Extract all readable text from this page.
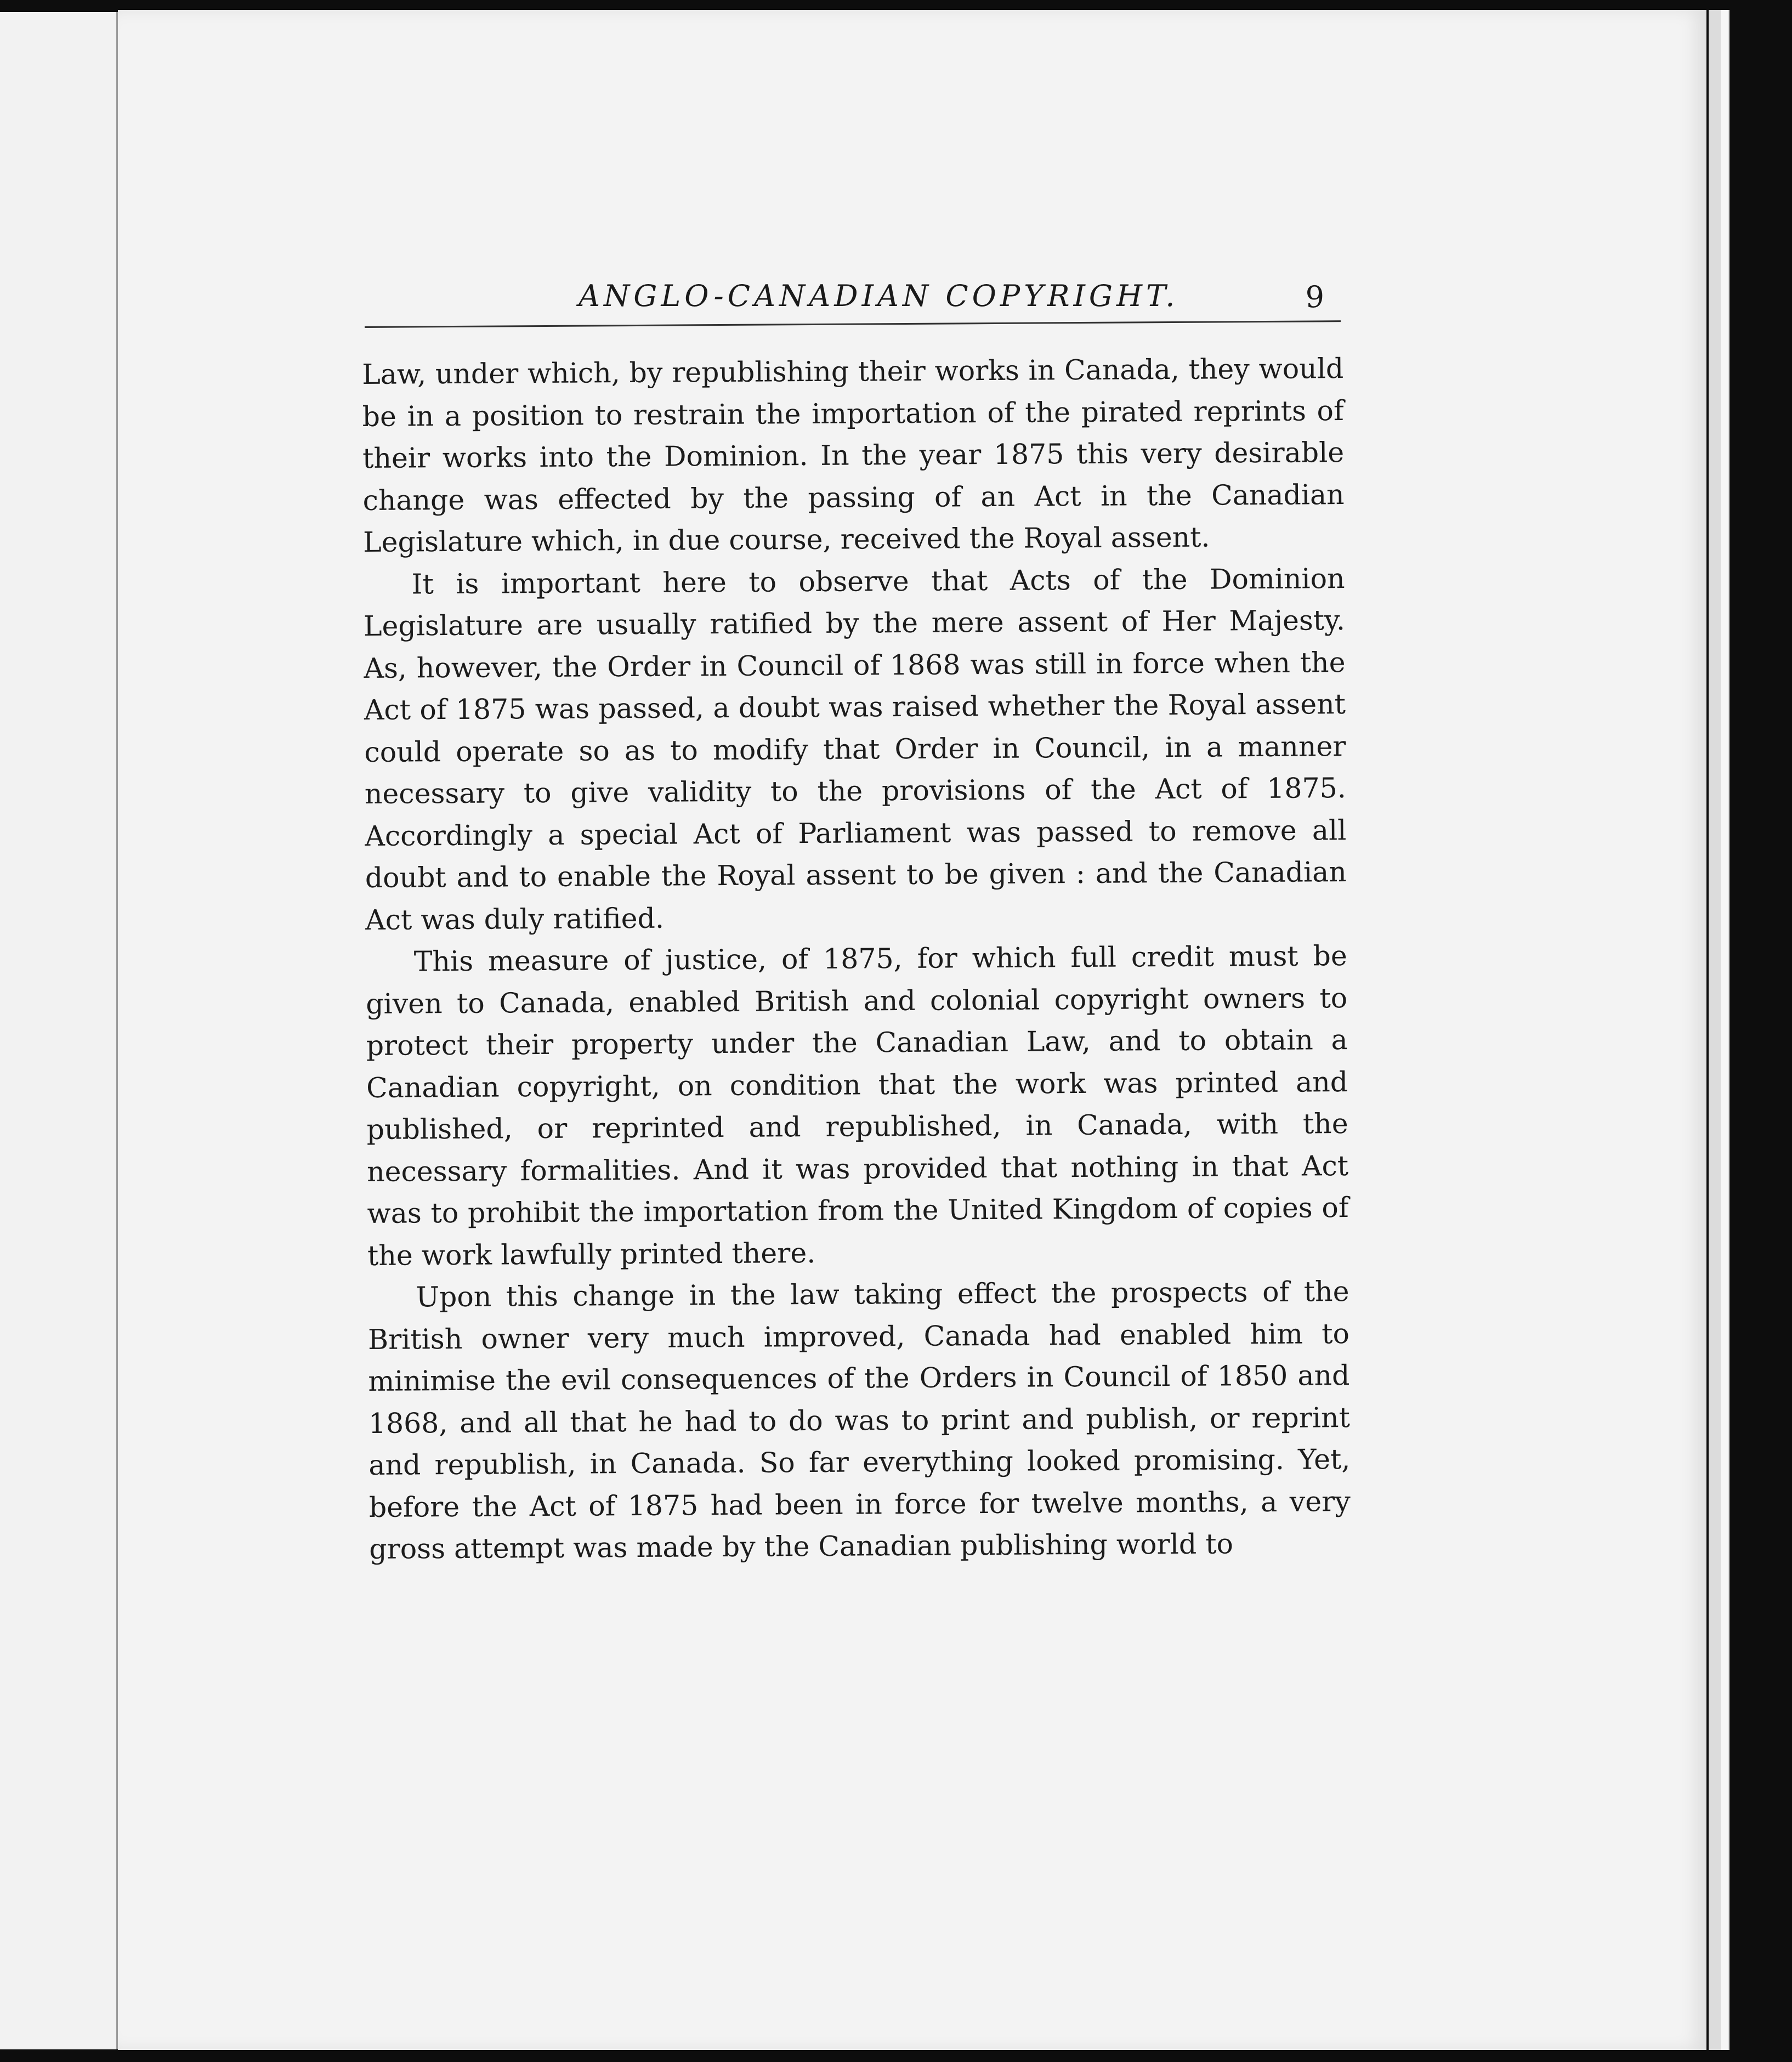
ANGLO-CANADIAN COPYRIGHT.	9

Law, under which, by republishing their works in Canada, they would be in a position to restrain the importation of the pirated reprints of their works into the Dominion. In the year 1875 this very desirable change was effected by the passing of an Act in the Canadian Legislature which, in due course, received the Royal assent.

It is important here to observe that Acts of the Dominion Legislature are usually ratified by the mere assent of Her Majesty. As, however, the Order in Council of 1868 was still in force when the Act of 1875 was passed, a doubt was raised whether the Royal assent could operate so as to modify that Order in Council, in a manner necessary to give validity to the provisions of the Act of 1875. Accordingly a special Act of Parliament was passed to remove all doubt and to enable the Royal assent to be given : and the Canadian Act was duly ratified.

This measure of justice, of 1875, for which full credit must be given to Canada, enabled British and colonial copyright owners to protect their property under the Canadian Law, and to obtain a Canadian copyright, on condition that the work was printed and published, or reprinted and republished, in Canada, with the necessary formalities. And it was provided that nothing in that Act was to prohibit the importation from the United Kingdom of copies of the work lawfully printed there.

Upon this change in the law taking effect the prospects of the British owner very much improved, Canada had enabled him to minimise the evil consequences of the Orders in Council of 1850 and 1868, and all that he had to do was to print and publish, or reprint and republish, in Canada. So far everything looked promising. Yet, before the Act of 1875 had been in force for twelve months, a very gross attempt was made by the Canadian publishing world to
